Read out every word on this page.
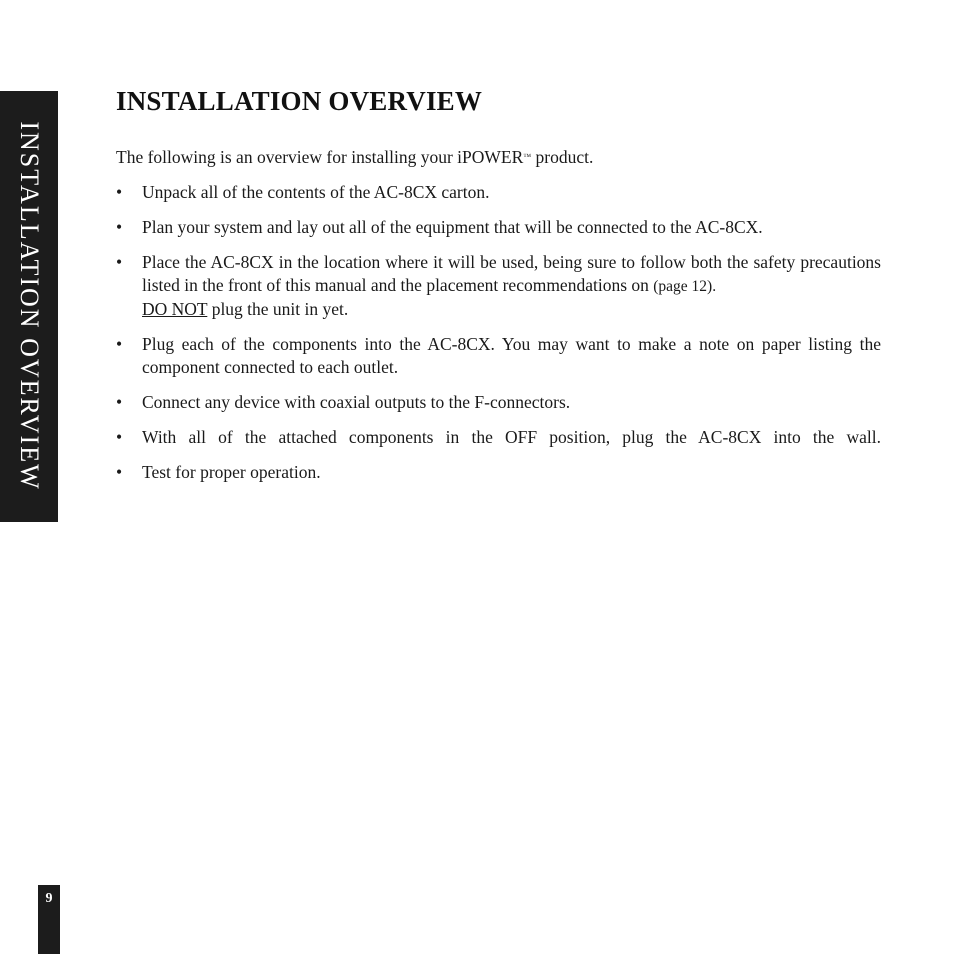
INSTALLATION OVERVIEW
INSTALLATION OVERVIEW

The following is an overview for installing your iPOWER™ product.

• Unpack all of the contents of the AC-8CX carton.
• Plan your system and lay out all of the equipment that will be connected to the AC-8CX.
• Place the AC-8CX in the location where it will be used, being sure to follow both the safety precautions listed in the front of this manual and the placement recommendations on (page 12).
DO NOT plug the unit in yet.
• Plug each of the components into the AC-8CX. You may want to make a note on paper listing the component connected to each outlet.
• Connect any device with coaxial outputs to the F-connectors.
• With all of the attached components in the OFF position, plug the AC-8CX into the wall.
• Test for proper operation.
9
